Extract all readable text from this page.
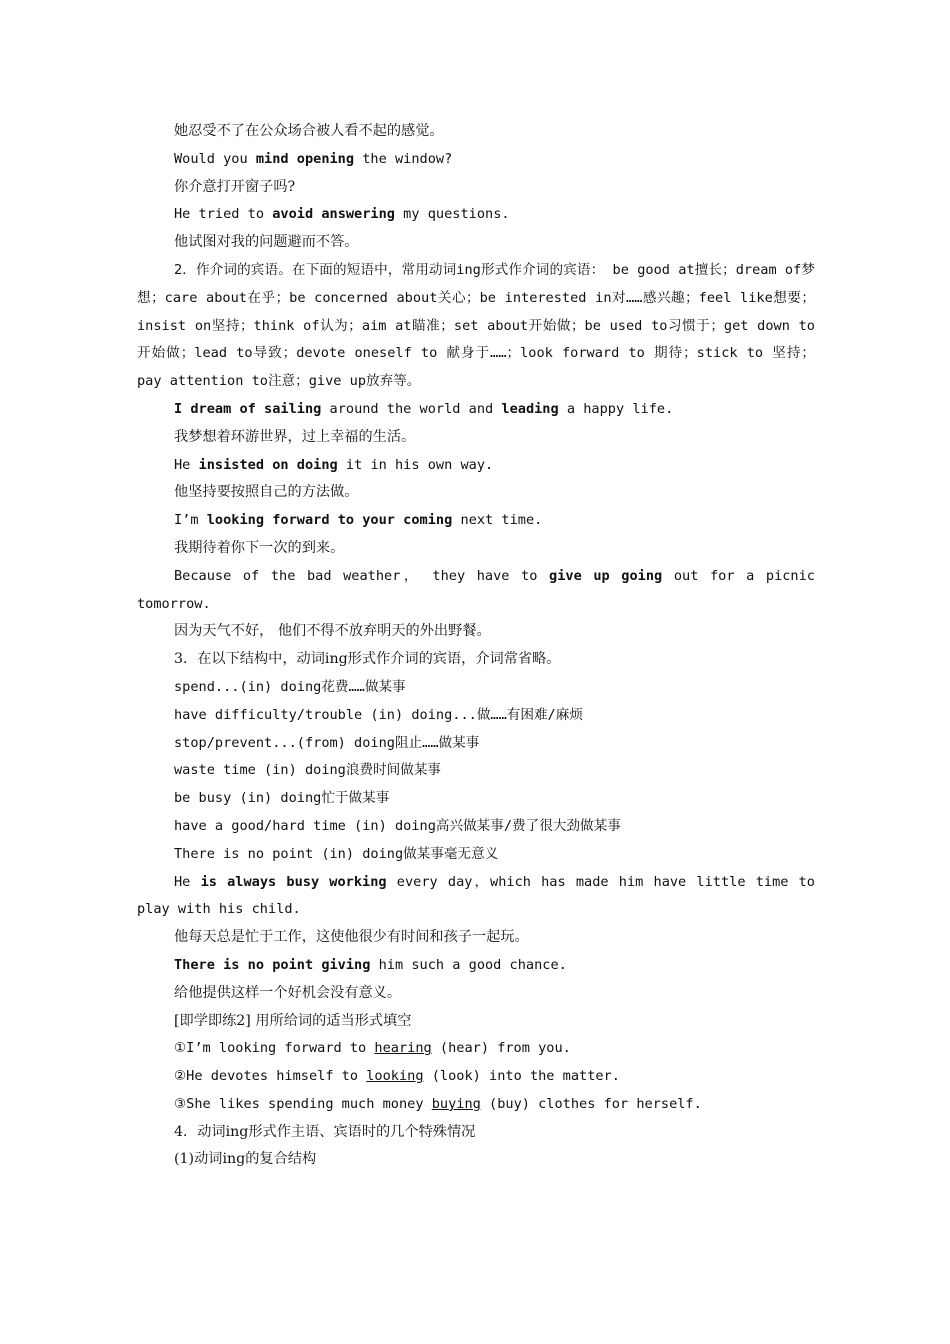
她忍受不了在公众场合被人看不起的感觉。
Would you mind opening the window?
你介意打开窗子吗?
He tried to avoid answering my questions.
他试图对我的问题避而不答。
2．作介词的宾语。在下面的短语中，常用动词ing形式作介词的宾语： be good at擅长；dream of梦想；care about在乎；be concerned about关心；be interested in对……感兴趣；feel like想要；insist on坚持；think of认为；aim at瞄准；set about开始做；be used to习惯于；get down to开始做；lead to导致；devote oneself to 献身于……；look forward to 期待；stick to 坚持；pay attention to注意；give up放弃等。
I dream of sailing around the world and leading a happy life.
我梦想着环游世界，过上幸福的生活。
He insisted on doing it in his own way.
他坚持要按照自己的方法做。
I’m looking forward to your coming next time.
我期待着你下一次的到来。
Because of the bad weather， they have to give up going out for a picnic tomorrow.
因为天气不好， 他们不得不放弃明天的外出野餐。
3．在以下结构中，动词ing形式作介词的宾语，介词常省略。
spend...(in) doing花费……做某事
have difficulty/trouble (in) doing...做……有困难/麻烦
stop/prevent...(from) doing阻止……做某事
waste time (in) doing浪费时间做某事
be busy (in) doing忙于做某事
have a good/hard time (in) doing高兴做某事/费了很大劲做某事
There is no point (in) doing做某事毫无意义
He is always busy working every day，which has made him have little time to play with his child.
他每天总是忙于工作，这使他很少有时间和孩子一起玩。
There is no point giving him such a good chance.
给他提供这样一个好机会没有意义。
[即学即练2] 用所给词的适当形式填空
①I’m looking forward to hearing (hear) from you.
②He devotes himself to looking (look) into the matter.
③She likes spending much money buying (buy) clothes for herself.
4．动词ing形式作主语、宾语时的几个特殊情况
(1)动词ing的复合结构
